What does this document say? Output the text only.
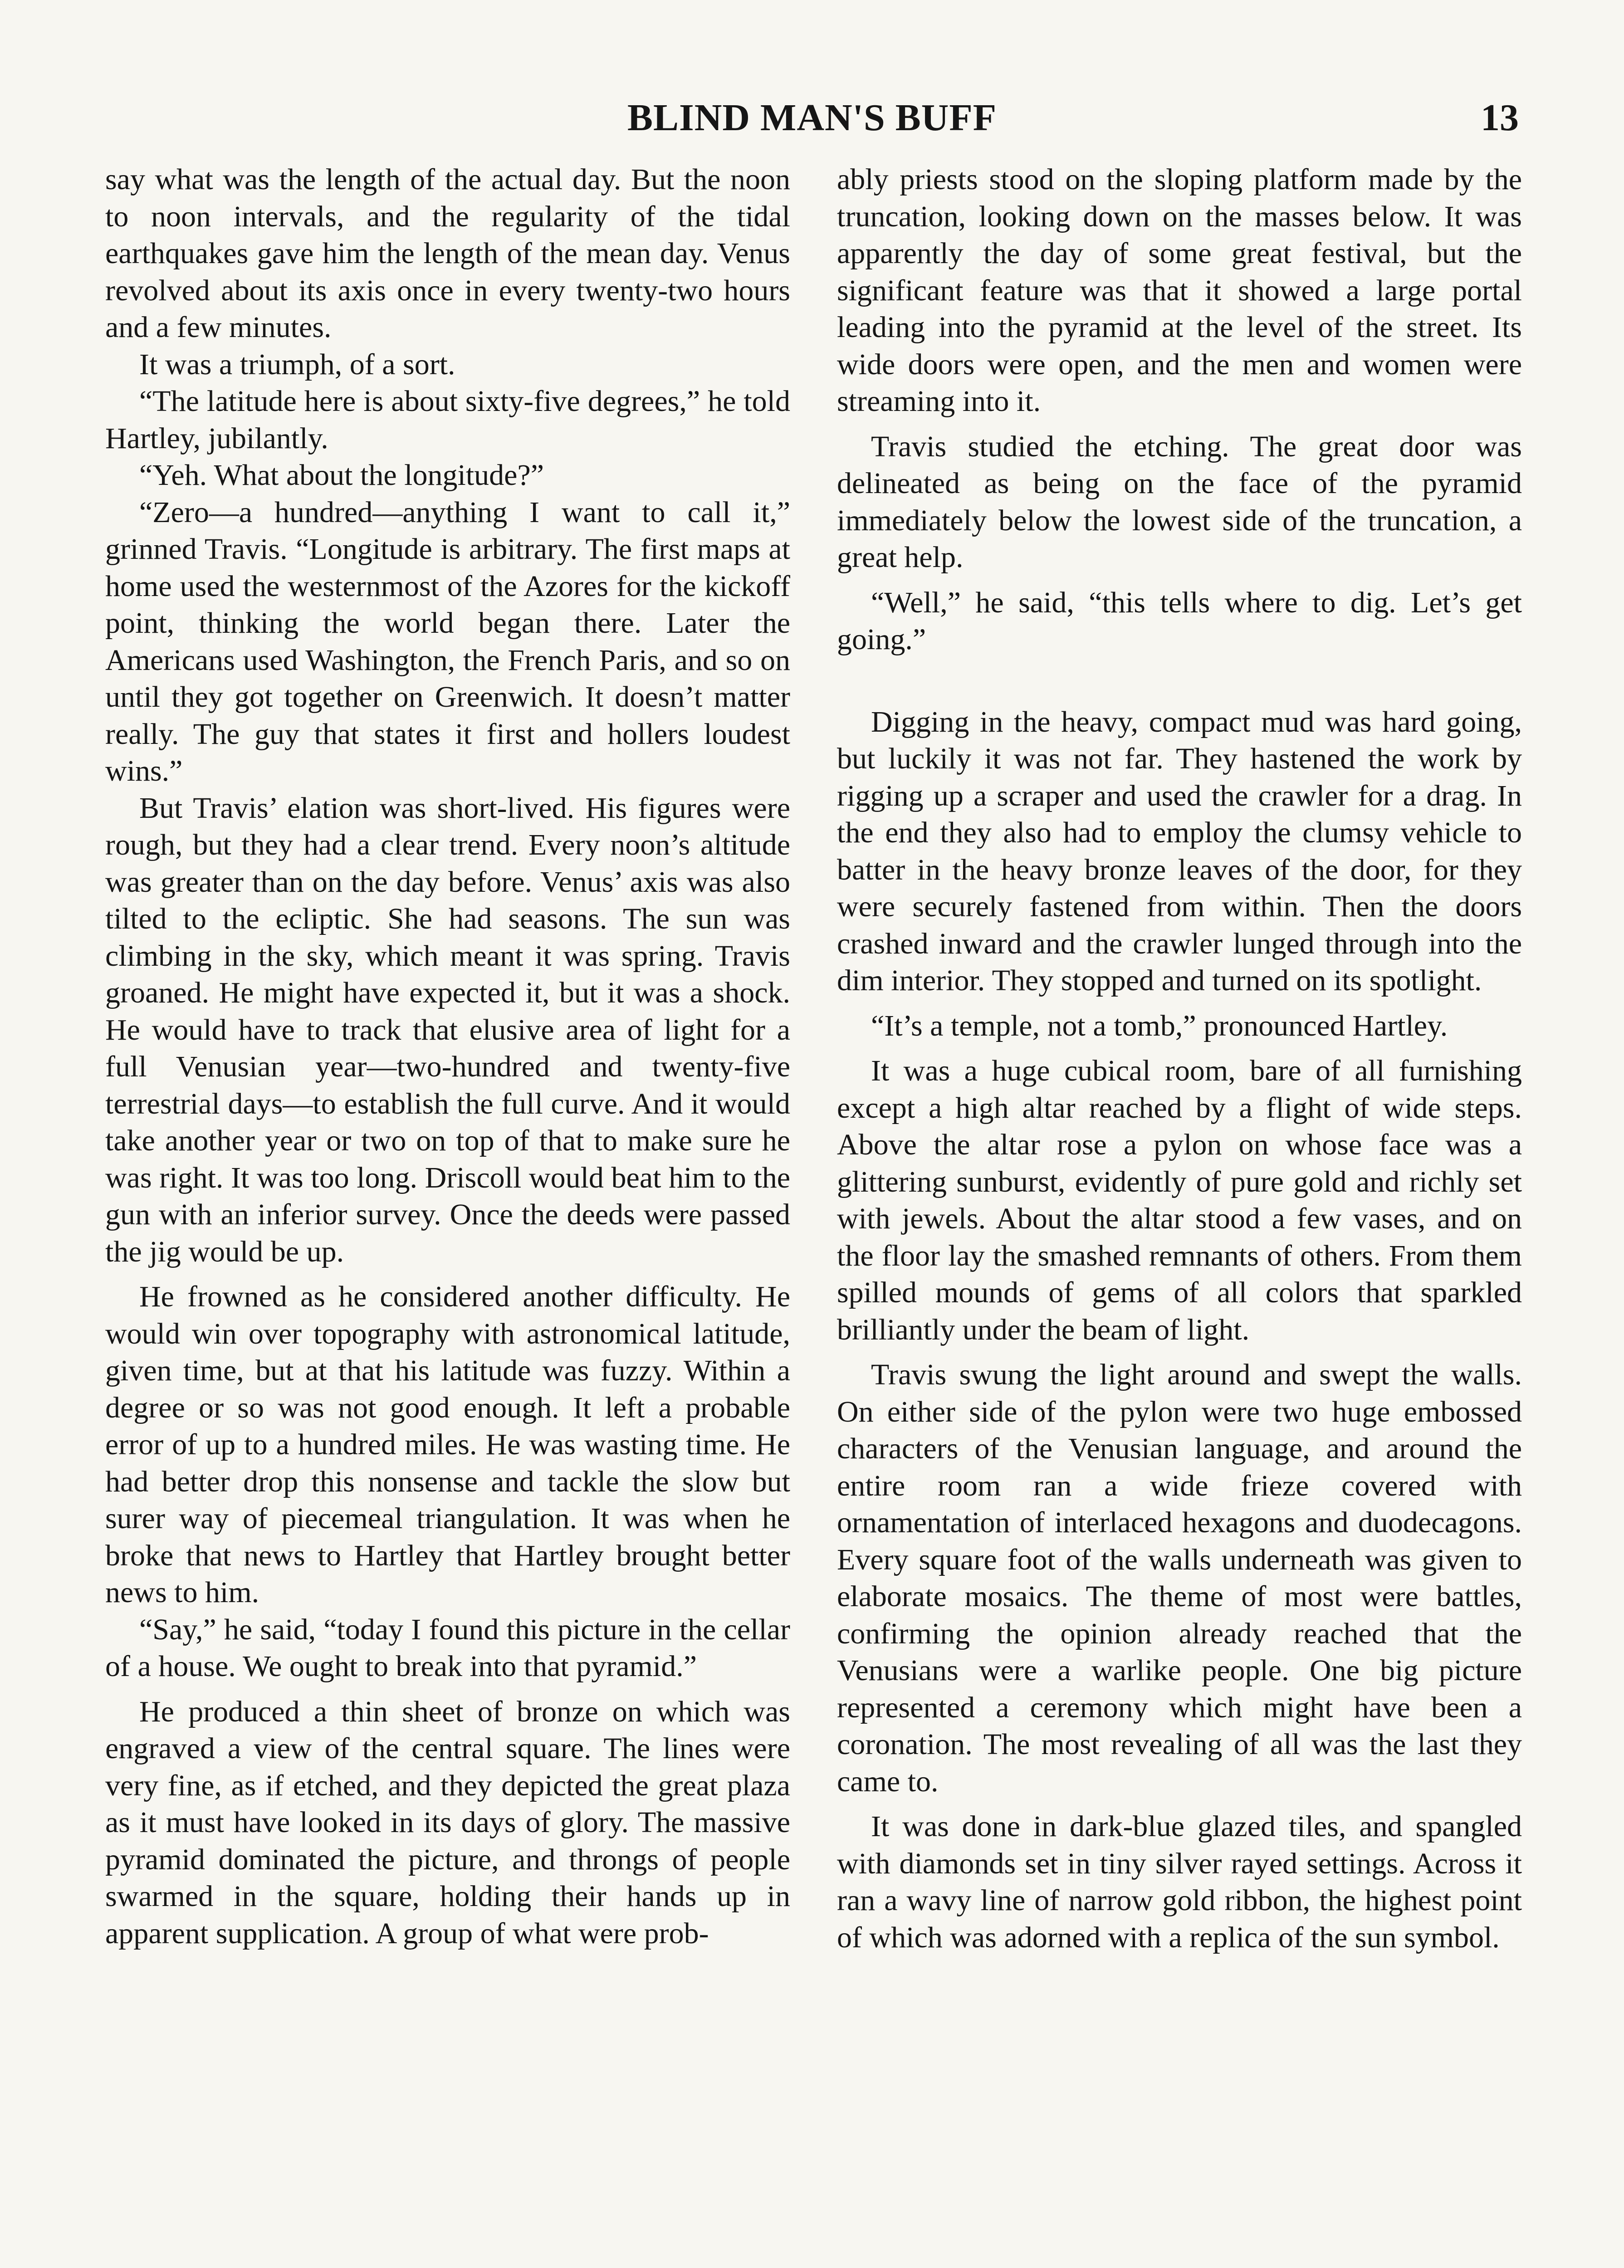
BLIND MAN'S BUFF	13

say what was the length of the actual day. But the noon to noon intervals, and the regularity of the tidal earthquakes gave him the length of the mean day. Venus revolved about its axis once in every twenty-two hours and a few minutes.

It was a triumph, of a sort.

“The latitude here is about sixty-five degrees,” he told Hartley, jubilantly.

“Yeh. What about the longitude?”

“Zero—a hundred—anything I want to call it,” grinned Travis. “Longitude is arbitrary. The first maps at home used the westernmost of the Azores for the kickoff point, thinking the world began there. Later the Americans used Washington, the French Paris, and so on until they got together on Greenwich. It doesn’t matter really. The guy that states it first and hollers loudest wins.”

But Travis’ elation was short-lived. His figures were rough, but they had a clear trend. Every noon’s altitude was greater than on the day before. Venus’ axis was also tilted to the ecliptic. She had seasons. The sun was climbing in the sky, which meant it was spring. Travis groaned. He might have expected it, but it was a shock. He would have to track that elusive area of light for a full Venusian year—two-hundred and twenty-five terrestrial days—to establish the full curve. And it would take another year or two on top of that to make sure he was right. It was too long. Driscoll would beat him to the gun with an inferior survey. Once the deeds were passed the jig would be up.

He frowned as he considered another difficulty. He would win over topography with astronomical latitude, given time, but at that his latitude was fuzzy. Within a degree or so was not good enough. It left a probable error of up to a hundred miles. He was wasting time. He had better drop this nonsense and tackle the slow but surer way of piecemeal triangulation. It was when he broke that news to Hartley that Hartley brought better news to him.

“Say,” he said, “today I found this picture in the cellar of a house. We ought to break into that pyramid.”

He produced a thin sheet of bronze on which was engraved a view of the central square. The lines were very fine, as if etched, and they depicted the great plaza as it must have looked in its days of glory. The massive pyramid dominated the picture, and throngs of people swarmed in the square, holding their hands up in apparent supplication. A group of what were prob-

ably priests stood on the sloping platform made by the truncation, looking down on the masses below. It was apparently the day of some great festival, but the significant feature was that it showed a large portal leading into the pyramid at the level of the street. Its wide doors were open, and the men and women were streaming into it.

Travis studied the etching. The great door was delineated as being on the face of the pyramid immediately below the lowest side of the truncation, a great help.

“Well,” he said, “this tells where to dig. Let’s get going.”

Digging in the heavy, compact mud was hard going, but luckily it was not far. They hastened the work by rigging up a scraper and used the crawler for a drag. In the end they also had to employ the clumsy vehicle to batter in the heavy bronze leaves of the door, for they were securely fastened from within. Then the doors crashed inward and the crawler lunged through into the dim interior. They stopped and turned on its spotlight.

“It’s a temple, not a tomb,” pronounced Hartley.

It was a huge cubical room, bare of all furnishing except a high altar reached by a flight of wide steps. Above the altar rose a pylon on whose face was a glittering sunburst, evidently of pure gold and richly set with jewels. About the altar stood a few vases, and on the floor lay the smashed remnants of others. From them spilled mounds of gems of all colors that sparkled brilliantly under the beam of light.

Travis swung the light around and swept the walls. On either side of the pylon were two huge embossed characters of the Venusian language, and around the entire room ran a wide frieze covered with ornamentation of interlaced hexagons and duodecagons. Every square foot of the walls underneath was given to elaborate mosaics. The theme of most were battles, confirming the opinion already reached that the Venusians were a warlike people. One big picture represented a ceremony which might have been a coronation. The most revealing of all was the last they came to.

It was done in dark-blue glazed tiles, and spangled with diamonds set in tiny silver rayed settings. Across it ran a wavy line of narrow gold ribbon, the highest point of which was adorned with a replica of the sun symbol.
